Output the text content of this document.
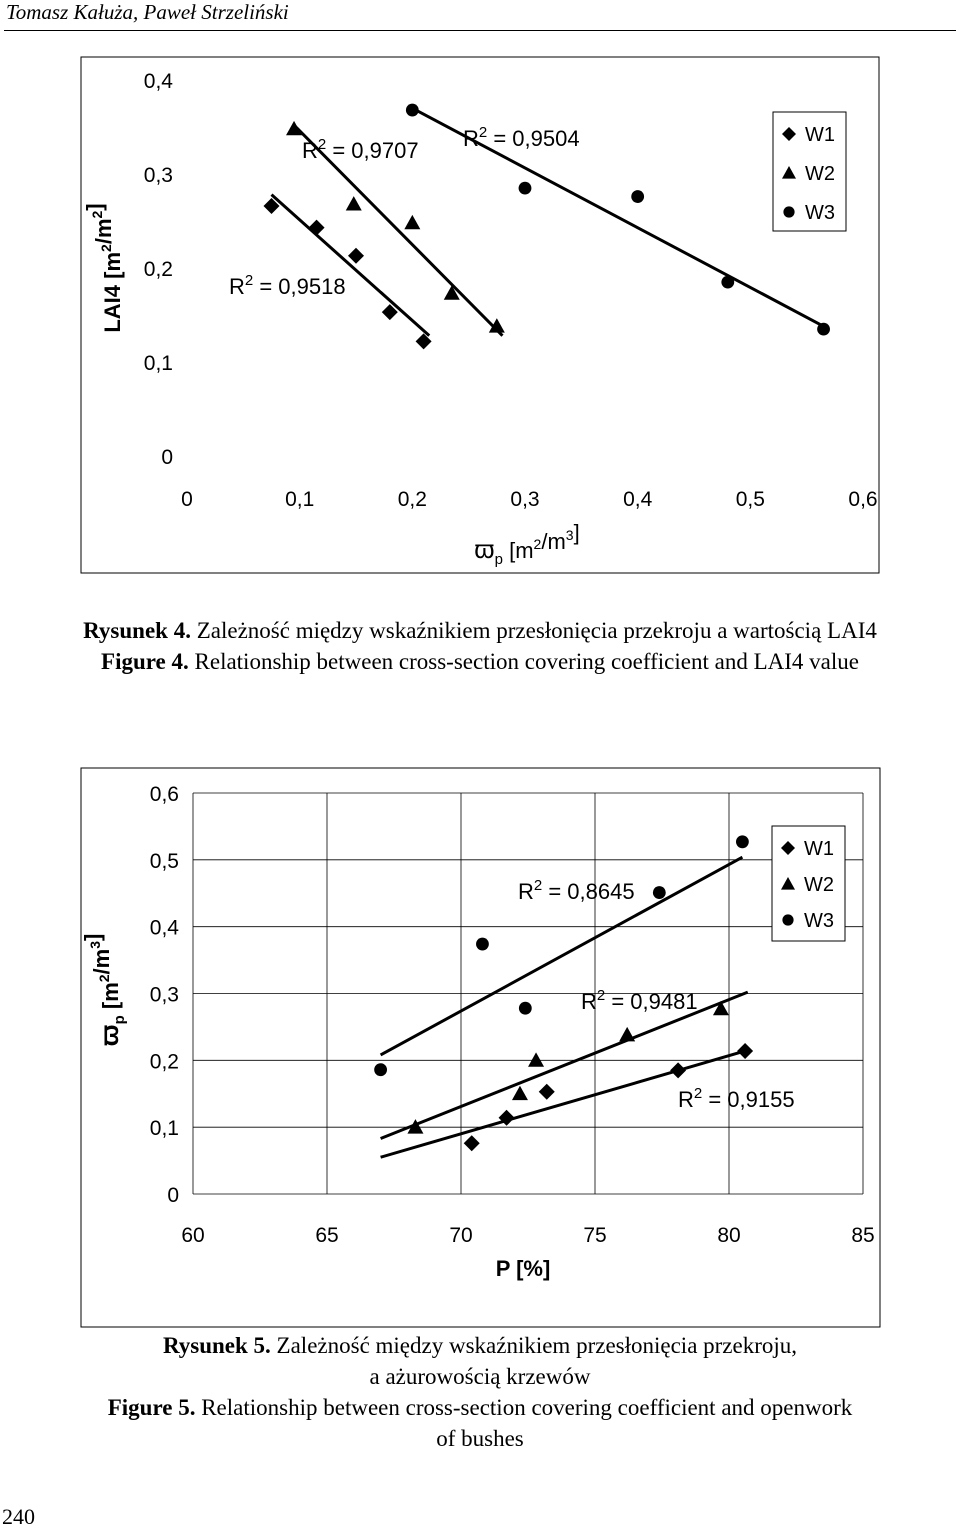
Tomasz Kałuża, Paweł Strzeliński
0
0,1
0,2
0,3
0,4
0	0,1	0,2	0,3	0,4	0,5	0,6
$R^2 = 0,9518$
$R^2 = 0,9707$ $R^2 = 0,9504$	W1
W2
W3
$ϖ_p$ $[m^2/m^3]$
LAI4 $[m^2/m^2]$
Rysunek 4. Zależność między wskaźnikiem przesłonięcia przekroju a wartością LAI4
Figure 4. Relationship between cross-section covering coefficient and LAI4 value
0
0,1
0,2
0,3
0,4
0,5
0,6
60	65	70	75	80	85
$R^2 = 0,9155$
$R^2 = 0,9481$
$R^2 = 0,8645$
W1
W2
W3
P [%]
$ϖ_p$ $[m^2/m^3]$
Rysunek 5. Zależność między wskaźnikiem przesłonięcia przekroju,
a ażurowością krzewów
Figure 5. Relationship between cross-section covering coefficient and openwork
of bushes
240
